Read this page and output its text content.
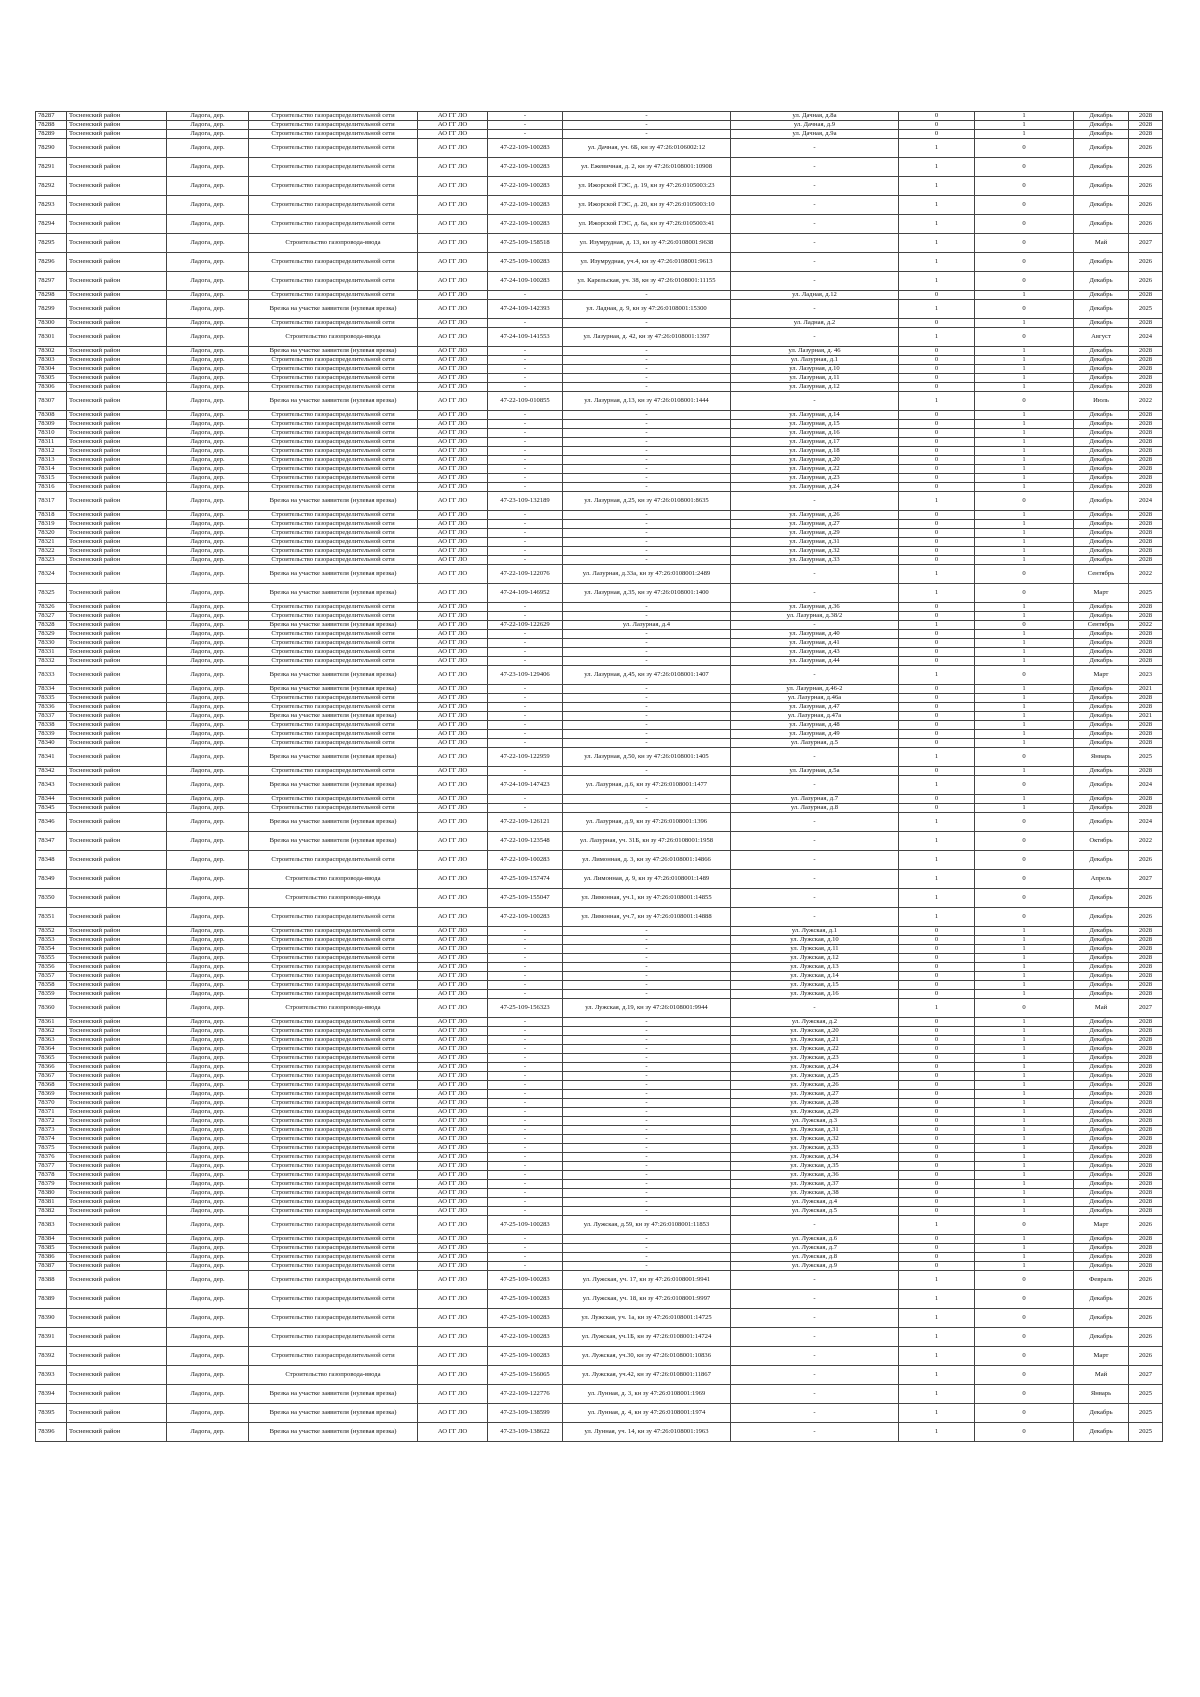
78287	Тосненский район	Ладога, дер.	Строительство газораспределительной сети	АО ГГ ЛО	-	-	ул. Дачная, д.8а	0	1	Декабрь	2028
78288	Тосненский район	Ладога, дер.	Строительство газораспределительной сети	АО ГГ ЛО	-	-	ул. Дачная, д.9	0	1	Декабрь	2028
78289	Тосненский район	Ладога, дер.	Строительство газораспределительной сети	АО ГГ ЛО	-	-	ул. Дачная, д.9а	0	1	Декабрь	2028
78290	Тосненский район	Ладога, дер.	Строительство газораспределительной сети	АО ГГ ЛО	47-22-109-100283	ул. Дачная, уч. 6Б, кн зу 47:26:0106002:12	-	1	0	Декабрь	2026
78291	Тосненский район	Ладога, дер.	Строительство газораспределительной сети	АО ГГ ЛО	47-22-109-100283	ул. Ежевичная, д. 2, кн зу 47:26:0108001:10908	-	1	0	Декабрь	2026
78292	Тосненский район	Ладога, дер.	Строительство газораспределительной сети	АО ГГ ЛО	47-22-109-100283	ул. Ижорской ГЭС, д. 19, кн зу 47:26:0105003:23	-	1	0	Декабрь	2026
78293	Тосненский район	Ладога, дер.	Строительство газораспределительной сети	АО ГГ ЛО	47-22-109-100283	ул. Ижорской ГЭС, д. 20, кн зу 47:26:0105003:10	-	1	0	Декабрь	2026
78294	Тосненский район	Ладога, дер.	Строительство газораспределительной сети	АО ГГ ЛО	47-22-109-100283	ул. Ижорской ГЭС, д. 6а, кн зу 47:26:0105003:41	-	1	0	Декабрь	2026
78295	Тосненский район	Ладога, дер.	Строительство газопровода-ввода	АО ГГ ЛО	47-25-109-158518	ул. Изумрудная, д. 13, кн зу 47:26:0108001:9638	-	1	0	Май	2027
78296	Тосненский район	Ладога, дер.	Строительство газораспределительной сети	АО ГГ ЛО	47-25-109-100283	ул. Изумрудная, уч.4, кн зу 47:26:0108001:9613	-	1	0	Декабрь	2026
78297	Тосненский район	Ладога, дер.	Строительство газораспределительной сети	АО ГГ ЛО	47-24-109-100283	ул. Карельская, уч. 38, кн зу 47:26:0108001:11155	-	1	0	Декабрь	2026
78298	Тосненский район	Ладога, дер.	Строительство газораспределительной сети	АО ГГ ЛО	-	-	ул. Ладная, д.12	0	1	Декабрь	2028
78299	Тосненский район	Ладога, дер.	Врезка на участке заявителя (нулевая врезка)	АО ГГ ЛО	47-24-109-142393	ул. Ладная, д. 9, кн зу 47:26:0108001:15300	-	1	0	Декабрь	2025
78300	Тосненский район	Ладога, дер.	Строительство газораспределительной сети	АО ГГ ЛО	-	-	ул. Ладная, д.2	0	1	Декабрь	2028
78301	Тосненский район	Ладога, дер.	Строительство газопровода-ввода	АО ГГ ЛО	47-24-109-141553	ул. Лазурная, д. 42, кн зу 47:26:0108001:1397	-	1	0	Август	2024
78302	Тосненский район	Ладога, дер.	Врезка на участке заявителя (нулевая врезка)	АО ГГ ЛО	-	-	ул. Лазурная, д. 46	0	1	Декабрь	2028
78303	Тосненский район	Ладога, дер.	Строительство газораспределительной сети	АО ГГ ЛО	-	-	ул. Лазурная, д.1	0	1	Декабрь	2028
78304	Тосненский район	Ладога, дер.	Строительство газораспределительной сети	АО ГГ ЛО	-	-	ул. Лазурная, д.10	0	1	Декабрь	2028
78305	Тосненский район	Ладога, дер.	Строительство газораспределительной сети	АО ГГ ЛО	-	-	ул. Лазурная, д.11	0	1	Декабрь	2028
78306	Тосненский район	Ладога, дер.	Строительство газораспределительной сети	АО ГГ ЛО	-	-	ул. Лазурная, д.12	0	1	Декабрь	2028
78307	Тосненский район	Ладога, дер.	Врезка на участке заявителя (нулевая врезка)	АО ГГ ЛО	47-22-109-010855	ул. Лазурная, д.13, кн зу 47:26:0108001:1444	-	1	0	Июль	2022
78308	Тосненский район	Ладога, дер.	Строительство газораспределительной сети	АО ГГ ЛО	-	-	ул. Лазурная, д.14	0	1	Декабрь	2028
78309	Тосненский район	Ладога, дер.	Строительство газораспределительной сети	АО ГГ ЛО	-	-	ул. Лазурная, д.15	0	1	Декабрь	2028
78310	Тосненский район	Ладога, дер.	Строительство газораспределительной сети	АО ГГ ЛО	-	-	ул. Лазурная, д.16	0	1	Декабрь	2028
78311	Тосненский район	Ладога, дер.	Строительство газораспределительной сети	АО ГГ ЛО	-	-	ул. Лазурная, д.17	0	1	Декабрь	2028
78312	Тосненский район	Ладога, дер.	Строительство газораспределительной сети	АО ГГ ЛО	-	-	ул. Лазурная, д.18	0	1	Декабрь	2028
78313	Тосненский район	Ладога, дер.	Строительство газораспределительной сети	АО ГГ ЛО	-	-	ул. Лазурная, д.20	0	1	Декабрь	2028
78314	Тосненский район	Ладога, дер.	Строительство газораспределительной сети	АО ГГ ЛО	-	-	ул. Лазурная, д.22	0	1	Декабрь	2028
78315	Тосненский район	Ладога, дер.	Строительство газораспределительной сети	АО ГГ ЛО	-	-	ул. Лазурная, д.23	0	1	Декабрь	2028
78316	Тосненский район	Ладога, дер.	Строительство газораспределительной сети	АО ГГ ЛО	-	-	ул. Лазурная, д.24	0	1	Декабрь	2028
78317	Тосненский район	Ладога, дер.	Врезка на участке заявителя (нулевая врезка)	АО ГГ ЛО	47-23-109-132189	ул. Лазурная, д.25, кн зу 47:26:0108001:8635	-	1	0	Декабрь	2024
78318	Тосненский район	Ладога, дер.	Строительство газораспределительной сети	АО ГГ ЛО	-	-	ул. Лазурная, д.26	0	1	Декабрь	2028
78319	Тосненский район	Ладога, дер.	Строительство газораспределительной сети	АО ГГ ЛО	-	-	ул. Лазурная, д.27	0	1	Декабрь	2028
78320	Тосненский район	Ладога, дер.	Строительство газораспределительной сети	АО ГГ ЛО	-	-	ул. Лазурная, д.29	0	1	Декабрь	2028
78321	Тосненский район	Ладога, дер.	Строительство газораспределительной сети	АО ГГ ЛО	-	-	ул. Лазурная, д.31	0	1	Декабрь	2028
78322	Тосненский район	Ладога, дер.	Строительство газораспределительной сети	АО ГГ ЛО	-	-	ул. Лазурная, д.32	0	1	Декабрь	2028
78323	Тосненский район	Ладога, дер.	Строительство газораспределительной сети	АО ГГ ЛО	-	-	ул. Лазурная, д.33	0	1	Декабрь	2028
78324	Тосненский район	Ладога, дер.	Врезка на участке заявителя (нулевая врезка)	АО ГГ ЛО	47-22-109-122076	ул. Лазурная, д.33а, кн зу 47:26:0108001:2489	-	1	0	Сентябрь	2022
78325	Тосненский район	Ладога, дер.	Врезка на участке заявителя (нулевая врезка)	АО ГГ ЛО	47-24-109-146952	ул. Лазурная, д.35, кн зу 47:26:0108001:1400	-	1	0	Март	2025
78326	Тосненский район	Ладога, дер.	Строительство газораспределительной сети	АО ГГ ЛО	-	-	ул. Лазурная, д.36	0	1	Декабрь	2028
78327	Тосненский район	Ладога, дер.	Строительство газораспределительной сети	АО ГГ ЛО	-	-	ул. Лазурная, д.38/2	0	1	Декабрь	2028
78328	Тосненский район	Ладога, дер.	Врезка на участке заявителя (нулевая врезка)	АО ГГ ЛО	47-22-109-122629	ул. Лазурная, д.4	-	1	0	Сентябрь	2022
78329	Тосненский район	Ладога, дер.	Строительство газораспределительной сети	АО ГГ ЛО	-	-	ул. Лазурная, д.40	0	1	Декабрь	2028
78330	Тосненский район	Ладога, дер.	Строительство газораспределительной сети	АО ГГ ЛО	-	-	ул. Лазурная, д.41	0	1	Декабрь	2028
78331	Тосненский район	Ладога, дер.	Строительство газораспределительной сети	АО ГГ ЛО	-	-	ул. Лазурная, д.43	0	1	Декабрь	2028
78332	Тосненский район	Ладога, дер.	Строительство газораспределительной сети	АО ГГ ЛО	-	-	ул. Лазурная, д.44	0	1	Декабрь	2028
78333	Тосненский район	Ладога, дер.	Врезка на участке заявителя (нулевая врезка)	АО ГГ ЛО	47-23-109-129406	ул. Лазурная, д.45, кн зу 47:26:0108001:1407	-	1	0	Март	2023
78334	Тосненский район	Ладога, дер.	Врезка на участке заявителя (нулевая врезка)	АО ГГ ЛО	-	-	ул. Лазурная, д.46-2	0	1	Декабрь	2021
78335	Тосненский район	Ладога, дер.	Строительство газораспределительной сети	АО ГГ ЛО	-	-	ул. Лазурная, д.46а	0	1	Декабрь	2028
78336	Тосненский район	Ладога, дер.	Строительство газораспределительной сети	АО ГГ ЛО	-	-	ул. Лазурная, д.47	0	1	Декабрь	2028
78337	Тосненский район	Ладога, дер.	Врезка на участке заявителя (нулевая врезка)	АО ГГ ЛО	-	-	ул. Лазурная, д.47а	0	1	Декабрь	2021
78338	Тосненский район	Ладога, дер.	Строительство газораспределительной сети	АО ГГ ЛО	-	-	ул. Лазурная, д.48	0	1	Декабрь	2028
78339	Тосненский район	Ладога, дер.	Строительство газораспределительной сети	АО ГГ ЛО	-	-	ул. Лазурная, д.49	0	1	Декабрь	2028
78340	Тосненский район	Ладога, дер.	Строительство газораспределительной сети	АО ГГ ЛО	-	-	ул. Лазурная, д.5	0	1	Декабрь	2028
78341	Тосненский район	Ладога, дер.	Врезка на участке заявителя (нулевая врезка)	АО ГГ ЛО	47-22-109-122959	ул. Лазурная, д.50, кн зу 47:26:0108001:1405	-	1	0	Январь	2025
78342	Тосненский район	Ладога, дер.	Строительство газораспределительной сети	АО ГГ ЛО	-	-	ул. Лазурная, д.5а	0	1	Декабрь	2028
78343	Тосненский район	Ладога, дер.	Врезка на участке заявителя (нулевая врезка)	АО ГГ ЛО	47-24-109-147423	ул. Лазурная, д.6, кн зу 47:26:0108001:1477	-	1	0	Декабрь	2024
78344	Тосненский район	Ладога, дер.	Строительство газораспределительной сети	АО ГГ ЛО	-	-	ул. Лазурная, д.7	0	1	Декабрь	2028
78345	Тосненский район	Ладога, дер.	Строительство газораспределительной сети	АО ГГ ЛО	-	-	ул. Лазурная, д.8	0	1	Декабрь	2028
78346	Тосненский район	Ладога, дер.	Врезка на участке заявителя (нулевая врезка)	АО ГГ ЛО	47-22-109-126121	ул. Лазурная, д.9, кн зу 47:26:0108001:1396	-	1	0	Декабрь	2024
78347	Тосненский район	Ладога, дер.	Врезка на участке заявителя (нулевая врезка)	АО ГГ ЛО	47-22-109-123548	ул. Лазурная, уч. 31Б, кн зу 47:26:0108001:1958	-	1	0	Октябрь	2022
78348	Тосненский район	Ладога, дер.	Строительство газораспределительной сети	АО ГГ ЛО	47-22-109-100283	ул. Лимонная, д. 3, кн зу 47:26:0108001:14866	-	1	0	Декабрь	2026
78349	Тосненский район	Ладога, дер.	Строительство газопровода-ввода	АО ГГ ЛО	47-25-109-157474	ул. Лимонная, д. 9, кн зу 47:26:0108001:1489	-	1	0	Апрель	2027
78350	Тосненский район	Ладога, дер.	Строительство газопровода-ввода	АО ГГ ЛО	47-25-109-155047	ул. Лимонная, уч.1, кн зу 47:26:0108001:14855	-	1	0	Декабрь	2026
78351	Тосненский район	Ладога, дер.	Строительство газораспределительной сети	АО ГГ ЛО	47-22-109-100283	ул. Лимонная, уч.7, кн зу 47:26:0108001:14888	-	1	0	Декабрь	2026
78352	Тосненский район	Ладога, дер.	Строительство газораспределительной сети	АО ГГ ЛО	-	-	ул. Лужская, д.1	0	1	Декабрь	2028
78353	Тосненский район	Ладога, дер.	Строительство газораспределительной сети	АО ГГ ЛО	-	-	ул. Лужская, д.10	0	1	Декабрь	2028
78354	Тосненский район	Ладога, дер.	Строительство газораспределительной сети	АО ГГ ЛО	-	-	ул. Лужская, д.11	0	1	Декабрь	2028
78355	Тосненский район	Ладога, дер.	Строительство газораспределительной сети	АО ГГ ЛО	-	-	ул. Лужская, д.12	0	1	Декабрь	2028
78356	Тосненский район	Ладога, дер.	Строительство газораспределительной сети	АО ГГ ЛО	-	-	ул. Лужская, д.13	0	1	Декабрь	2028
78357	Тосненский район	Ладога, дер.	Строительство газораспределительной сети	АО ГГ ЛО	-	-	ул. Лужская, д.14	0	1	Декабрь	2028
78358	Тосненский район	Ладога, дер.	Строительство газораспределительной сети	АО ГГ ЛО	-	-	ул. Лужская, д.15	0	1	Декабрь	2028
78359	Тосненский район	Ладога, дер.	Строительство газораспределительной сети	АО ГГ ЛО	-	-	ул. Лужская, д.16	0	1	Декабрь	2028
78360	Тосненский район	Ладога, дер.	Строительство газопровода-ввода	АО ГГ ЛО	47-25-109-156323	ул. Лужская, д.19, кн зу 47:26:0108001:9944	-	1	0	Май	2027
78361	Тосненский район	Ладога, дер.	Строительство газораспределительной сети	АО ГГ ЛО	-	-	ул. Лужская, д.2	0	1	Декабрь	2028
78362	Тосненский район	Ладога, дер.	Строительство газораспределительной сети	АО ГГ ЛО	-	-	ул. Лужская, д.20	0	1	Декабрь	2028
78363	Тосненский район	Ладога, дер.	Строительство газораспределительной сети	АО ГГ ЛО	-	-	ул. Лужская, д.21	0	1	Декабрь	2028
78364	Тосненский район	Ладога, дер.	Строительство газораспределительной сети	АО ГГ ЛО	-	-	ул. Лужская, д.22	0	1	Декабрь	2028
78365	Тосненский район	Ладога, дер.	Строительство газораспределительной сети	АО ГГ ЛО	-	-	ул. Лужская, д.23	0	1	Декабрь	2028
78366	Тосненский район	Ладога, дер.	Строительство газораспределительной сети	АО ГГ ЛО	-	-	ул. Лужская, д.24	0	1	Декабрь	2028
78367	Тосненский район	Ладога, дер.	Строительство газораспределительной сети	АО ГГ ЛО	-	-	ул. Лужская, д.25	0	1	Декабрь	2028
78368	Тосненский район	Ладога, дер.	Строительство газораспределительной сети	АО ГГ ЛО	-	-	ул. Лужская, д.26	0	1	Декабрь	2028
78369	Тосненский район	Ладога, дер.	Строительство газораспределительной сети	АО ГГ ЛО	-	-	ул. Лужская, д.27	0	1	Декабрь	2028
78370	Тосненский район	Ладога, дер.	Строительство газораспределительной сети	АО ГГ ЛО	-	-	ул. Лужская, д.28	0	1	Декабрь	2028
78371	Тосненский район	Ладога, дер.	Строительство газораспределительной сети	АО ГГ ЛО	-	-	ул. Лужская, д.29	0	1	Декабрь	2028
78372	Тосненский район	Ладога, дер.	Строительство газораспределительной сети	АО ГГ ЛО	-	-	ул. Лужская, д.3	0	1	Декабрь	2028
78373	Тосненский район	Ладога, дер.	Строительство газораспределительной сети	АО ГГ ЛО	-	-	ул. Лужская, д.31	0	1	Декабрь	2028
78374	Тосненский район	Ладога, дер.	Строительство газораспределительной сети	АО ГГ ЛО	-	-	ул. Лужская, д.32	0	1	Декабрь	2028
78375	Тосненский район	Ладога, дер.	Строительство газораспределительной сети	АО ГГ ЛО	-	-	ул. Лужская, д.33	0	1	Декабрь	2028
78376	Тосненский район	Ладога, дер.	Строительство газораспределительной сети	АО ГГ ЛО	-	-	ул. Лужская, д.34	0	1	Декабрь	2028
78377	Тосненский район	Ладога, дер.	Строительство газораспределительной сети	АО ГГ ЛО	-	-	ул. Лужская, д.35	0	1	Декабрь	2028
78378	Тосненский район	Ладога, дер.	Строительство газораспределительной сети	АО ГГ ЛО	-	-	ул. Лужская, д.36	0	1	Декабрь	2028
78379	Тосненский район	Ладога, дер.	Строительство газораспределительной сети	АО ГГ ЛО	-	-	ул. Лужская, д.37	0	1	Декабрь	2028
78380	Тосненский район	Ладога, дер.	Строительство газораспределительной сети	АО ГГ ЛО	-	-	ул. Лужская, д.38	0	1	Декабрь	2028
78381	Тосненский район	Ладога, дер.	Строительство газораспределительной сети	АО ГГ ЛО	-	-	ул. Лужская, д.4	0	1	Декабрь	2028
78382	Тосненский район	Ладога, дер.	Строительство газораспределительной сети	АО ГГ ЛО	-	-	ул. Лужская, д.5	0	1	Декабрь	2028
78383	Тосненский район	Ладога, дер.	Строительство газораспределительной сети	АО ГГ ЛО	47-25-109-100283	ул. Лужская, д.59, кн зу 47:26:0108001:11853	-	1	0	Март	2026
78384	Тосненский район	Ладога, дер.	Строительство газораспределительной сети	АО ГГ ЛО	-	-	ул. Лужская, д.6	0	1	Декабрь	2028
78385	Тосненский район	Ладога, дер.	Строительство газораспределительной сети	АО ГГ ЛО	-	-	ул. Лужская, д.7	0	1	Декабрь	2028
78386	Тосненский район	Ладога, дер.	Строительство газораспределительной сети	АО ГГ ЛО	-	-	ул. Лужская, д.8	0	1	Декабрь	2028
78387	Тосненский район	Ладога, дер.	Строительство газораспределительной сети	АО ГГ ЛО	-	-	ул. Лужская, д.9	0	1	Декабрь	2028
78388	Тосненский район	Ладога, дер.	Строительство газораспределительной сети	АО ГГ ЛО	47-25-109-100283	ул. Лужская, уч. 17, кн зу 47:26:0108001:9941	-	1	0	Февраль	2026
78389	Тосненский район	Ладога, дер.	Строительство газораспределительной сети	АО ГГ ЛО	47-25-109-100283	ул. Лужская, уч. 18, кн зу 47:26:0108001:9997	-	1	0	Декабрь	2026
78390	Тосненский район	Ладога, дер.	Строительство газораспределительной сети	АО ГГ ЛО	47-25-109-100283	ул. Лужская, уч. 1а, кн зу 47:26:0108001:14725	-	1	0	Декабрь	2026
78391	Тосненский район	Ладога, дер.	Строительство газораспределительной сети	АО ГГ ЛО	47-22-109-100283	ул. Лужская, уч.1Б, кн зу 47:26:0108001:14724	-	1	0	Декабрь	2026
78392	Тосненский район	Ладога, дер.	Строительство газораспределительной сети	АО ГГ ЛО	47-25-109-100283	ул. Лужская, уч.30, кн зу 47:26:0108001:10836	-	1	0	Март	2026
78393	Тосненский район	Ладога, дер.	Строительство газопровода-ввода	АО ГГ ЛО	47-25-109-156065	ул. Лужская, уч.42, кн зу 47:26:0108001:11867	-	1	0	Май	2027
78394	Тосненский район	Ладога, дер.	Врезка на участке заявителя (нулевая врезка)	АО ГГ ЛО	47-22-109-122776	ул. Лунная, д. 3, кн зу 47:26:0108001:1969	-	1	0	Январь	2025
78395	Тосненский район	Ладога, дер.	Врезка на участке заявителя (нулевая врезка)	АО ГГ ЛО	47-23-109-138599	ул. Лунная, д. 4, кн зу 47:26:0108001:1974	-	1	0	Декабрь	2025
78396	Тосненский район	Ладога, дер.	Врезка на участке заявителя (нулевая врезка)	АО ГГ ЛО	47-23-109-138622	ул. Лунная, уч. 14, кн зу 47:26:0108001:1963	-	1	0	Декабрь	2025
